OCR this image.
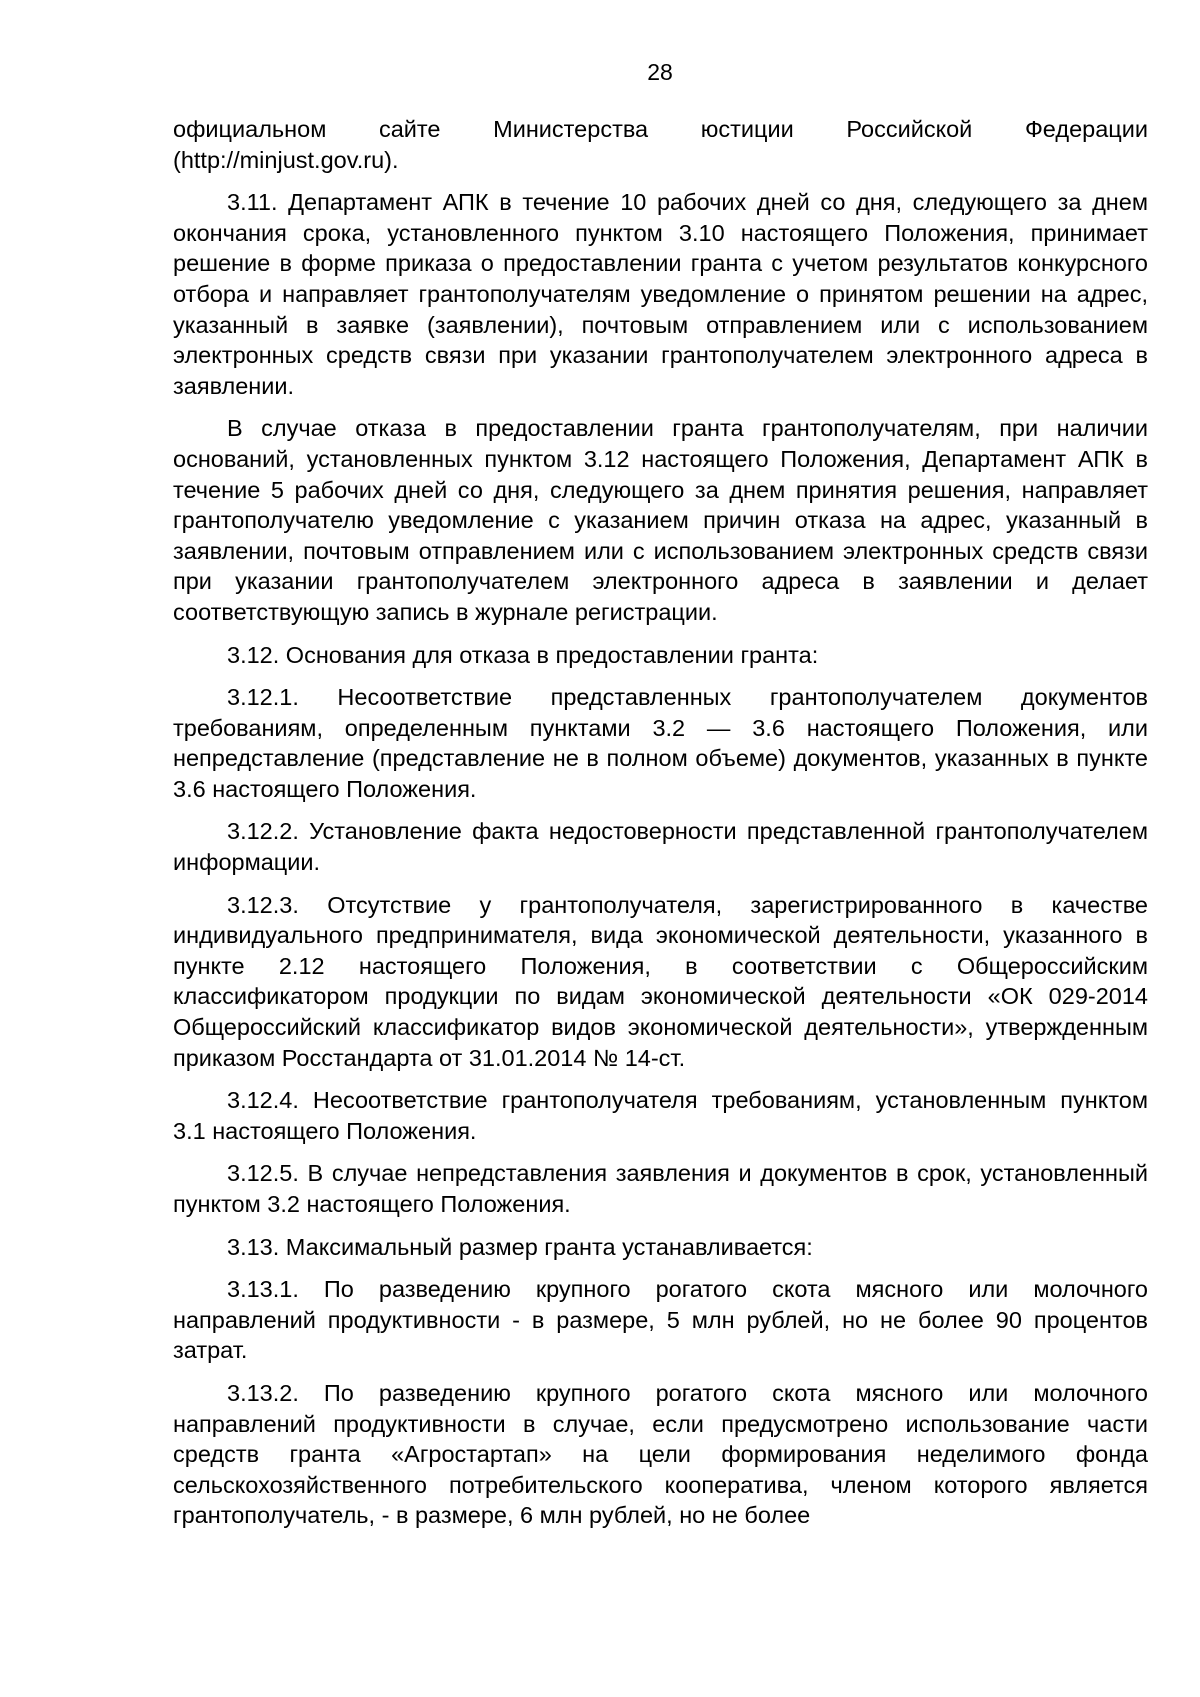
28

официальном сайте Министерства юстиции Российской Федерации (http://minjust.gov.ru).

3.11. Департамент АПК в течение 10 рабочих дней со дня, следующего за днем окончания срока, установленного пунктом 3.10 настоящего Положения, принимает решение в форме приказа о предоставлении гранта с учетом результатов конкурсного отбора и направляет грантополучателям уведомление о принятом решении на адрес, указанный в заявке (заявлении), почтовым отправлением или с использованием электронных средств связи при указании грантополучателем электронного адреса в заявлении.

В случае отказа в предоставлении гранта грантополучателям, при наличии оснований, установленных пунктом 3.12 настоящего Положения, Департамент АПК в течение 5 рабочих дней со дня, следующего за днем принятия решения, направляет грантополучателю уведомление с указанием причин отказа на адрес, указанный в заявлении, почтовым отправлением или с использованием электронных средств связи при указании грантополучателем электронного адреса в заявлении и делает соответствующую запись в журнале регистрации.

3.12. Основания для отказа в предоставлении гранта:

3.12.1. Несоответствие представленных грантополучателем документов требованиям, определенным пунктами 3.2 — 3.6 настоящего Положения, или непредставление (представление не в полном объеме) документов, указанных в пункте 3.6 настоящего Положения.

3.12.2. Установление факта недостоверности представленной грантополучателем информации.

3.12.3. Отсутствие у грантополучателя, зарегистрированного в качестве индивидуального предпринимателя, вида экономической деятельности, указанного в пункте 2.12 настоящего Положения, в соответствии с Общероссийским классификатором продукции по видам экономической деятельности «ОК 029-2014 Общероссийский классификатор видов экономической деятельности», утвержденным приказом Росстандарта от 31.01.2014 № 14-ст.

3.12.4. Несоответствие грантополучателя требованиям, установленным пунктом 3.1 настоящего Положения.

3.12.5. В случае непредставления заявления и документов в срок, установленный пунктом 3.2 настоящего Положения.

3.13. Максимальный размер гранта устанавливается:

3.13.1. По разведению крупного рогатого скота мясного или молочного направлений продуктивности - в размере, 5 млн рублей, но не более 90 процентов затрат.

3.13.2. По разведению крупного рогатого скота мясного или молочного направлений продуктивности в случае, если предусмотрено использование части средств гранта «Агростартап» на цели формирования неделимого фонда сельскохозяйственного потребительского кооператива, членом которого является грантополучатель, - в размере, 6 млн рублей, но не более
